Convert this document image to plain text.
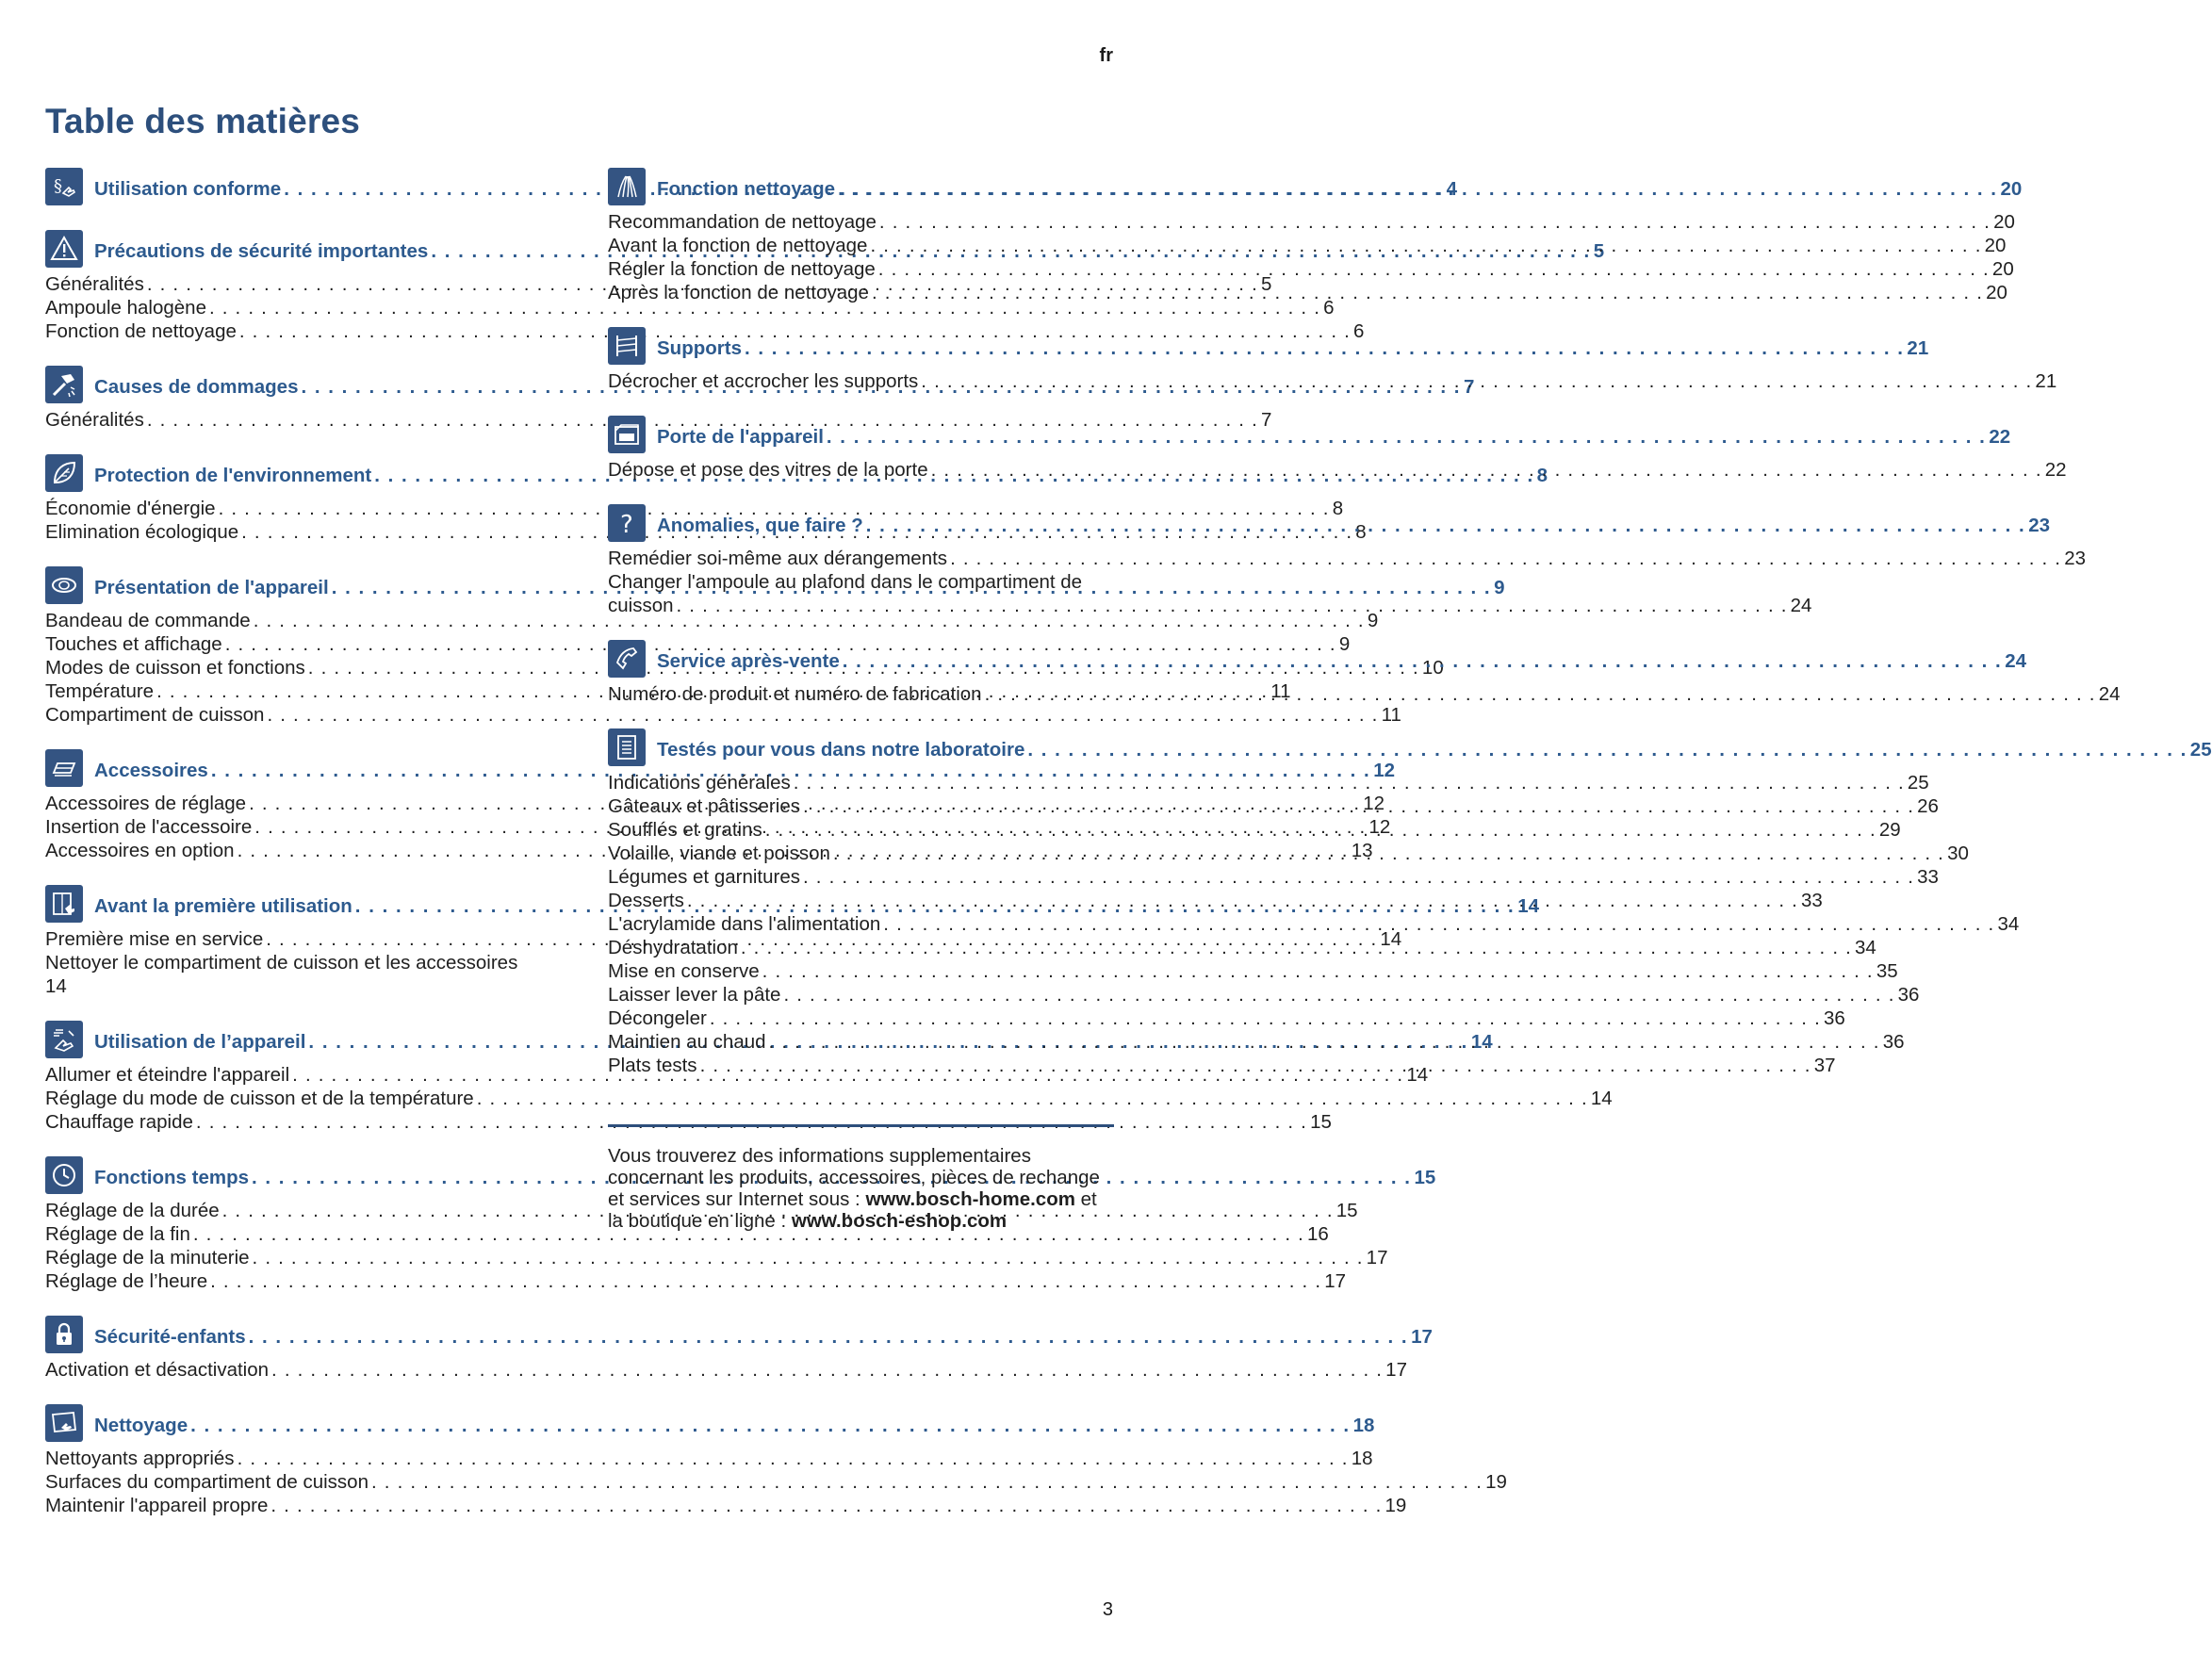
fr
Table des matières
§ Utilisation conforme . . .	4
Précautions de sécurité importantes . . .	5
Généralités . . .	5
Ampoule halogène . . .	6
Fonction de nettoyage . . .	6
Causes de dommages . . .	7
Généralités . . .	7
Protection de l'environnement . . .	8
Économie d'énergie . . .	8
Elimination écologique . . .	8
Présentation de l'appareil . . .	9
Bandeau de commande . . .	9
Touches et affichage . . .	9
Modes de cuisson et fonctions . . .	10
Température . . .	11
Compartiment de cuisson . . .	11
Accessoires . . .	12
Accessoires de réglage . . .	12
Insertion de l'accessoire . . .	12
Accessoires en option . . .	13
Avant la première utilisation . . .	14
Première mise en service . . .	14
Nettoyer le compartiment de cuisson et les accessoires
14
Utilisation de l’appareil . . .	14
Allumer et éteindre l'appareil . . .	14
Réglage du mode de cuisson et de la température . . .	14
Chauffage rapide . . .	15
Fonctions temps . . .	15
Réglage de la durée . . .	15
Réglage de la fin . . .	16
Réglage de la minuterie . . .	17
Réglage de l’heure . . .	17
Sécurité-enfants . . .	17
Activation et désactivation . . .	17
Nettoyage . . .	18
Nettoyants appropriés . . .	18
Surfaces du compartiment de cuisson . . .	19
Maintenir l'appareil propre . . .	19
Fonction nettoyage . . .	20
Recommandation de nettoyage . . .	20
Avant la fonction de nettoyage . . .	20
Régler la fonction de nettoyage . . .	20
Après la fonction de nettoyage . . .	20
Supports . . .	21
Décrocher et accrocher les supports . . .	21
Porte de l'appareil . . .	22
Dépose et pose des vitres de la porte . . .	22
? Anomalies, que faire ? . . .	23
Remédier soi-même aux dérangements . . .	23
Changer l'ampoule au plafond dans le compartiment de
cuisson . . .	24
Service après-vente . . .	24
Numéro de produit et numéro de fabrication . . .	24
Testés pour vous dans notre laboratoire . . .	25
Indications générales . . .	25
Gâteaux et pâtisseries . . .	26
Soufflés et gratins . . .	29
Volaille, viande et poisson . . .	30
Légumes et garnitures . . .	33
Desserts . . .	33
L'acrylamide dans l'alimentation . . .	34
Déshydratation . . .	34
Mise en conserve . . .	35
Laisser lever la pâte . . .	36
Décongeler . . .	36
Maintien au chaud . . .	36
Plats tests . . .	37

Vous trouverez des informations supplementaires concernant les produits, accessoires, pièces de rechange et services sur Internet sous : www.bosch-home.com et la boutique en ligne : www.bosch-eshop.com

3
